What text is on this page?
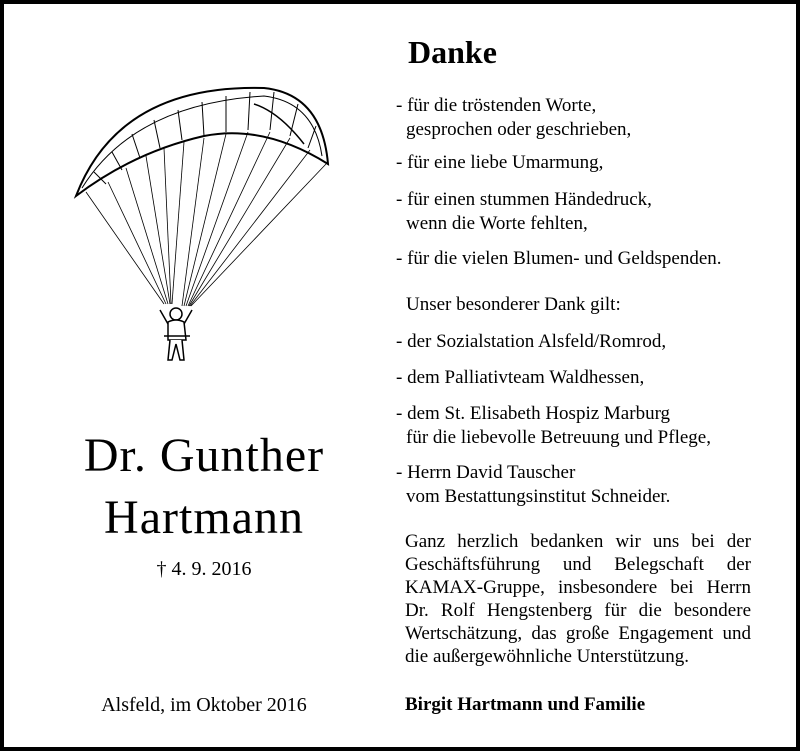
Dr. Gunther
Hartmann
† 4. 9. 2016
Alsfeld, im Oktober 2016
Danke
- für die tröstenden Worte,
gesprochen oder geschrieben,
- für eine liebe Umarmung,
- für einen stummen Händedruck,
wenn die Worte fehlten,
- für die vielen Blumen- und Geldspenden.
Unser besonderer Dank gilt:
- der Sozialstation Alsfeld/Romrod,
- dem Palliativteam Waldhessen,
- dem St. Elisabeth Hospiz Marburg
für die liebevolle Betreuung und Pflege,
- Herrn David Tauscher
vom Bestattungsinstitut Schneider.
Ganz herzlich bedanken wir uns bei der Geschäftsführung und Belegschaft der KAMAX-Gruppe, insbesondere bei Herrn Dr. Rolf Hengstenberg für die besondere Wertschätzung, das große Engagement und die außergewöhnliche Unterstützung.
Birgit Hartmann und Familie
